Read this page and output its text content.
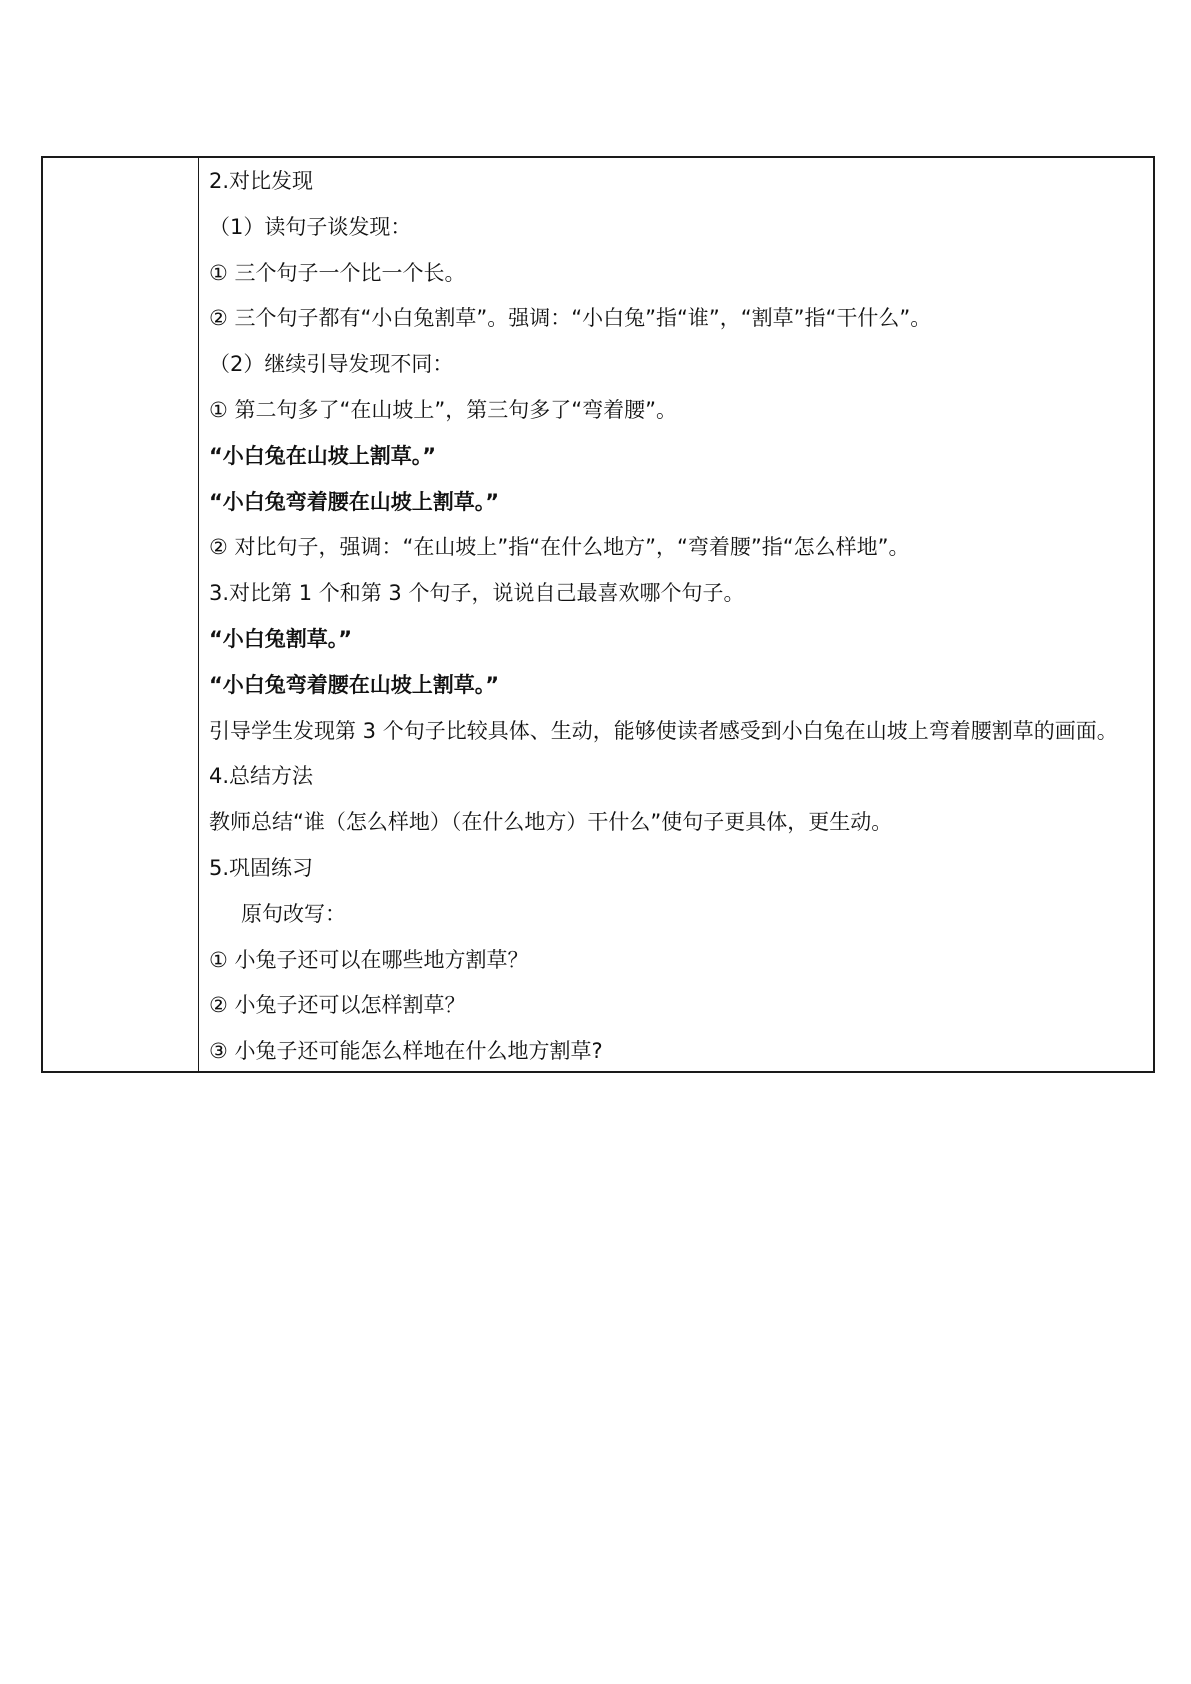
2.对比发现
（1）读句子谈发现：
① 三个句子一个比一个长。
② 三个句子都有“小白兔割草”。强调：“小白兔”指“谁”，“割草”指“干什么”。
（2）继续引导发现不同：
① 第二句多了“在山坡上”，第三句多了“弯着腰”。
“小白兔在山坡上割草。”
“小白兔弯着腰在山坡上割草。”
② 对比句子，强调：“在山坡上”指“在什么地方”，“弯着腰”指“怎么样地”。
3.对比第 1 个和第 3 个句子，说说自己最喜欢哪个句子。
“小白兔割草。”
“小白兔弯着腰在山坡上割草。”
引导学生发现第 3 个句子比较具体、生动，能够使读者感受到小白兔在山坡上弯着腰割草的画面。
4.总结方法
教师总结“谁（怎么样地）（在什么地方）干什么”使句子更具体，更生动。
5.巩固练习
原句改写：
① 小兔子还可以在哪些地方割草？
② 小兔子还可以怎样割草？
③ 小兔子还可能怎么样地在什么地方割草?
